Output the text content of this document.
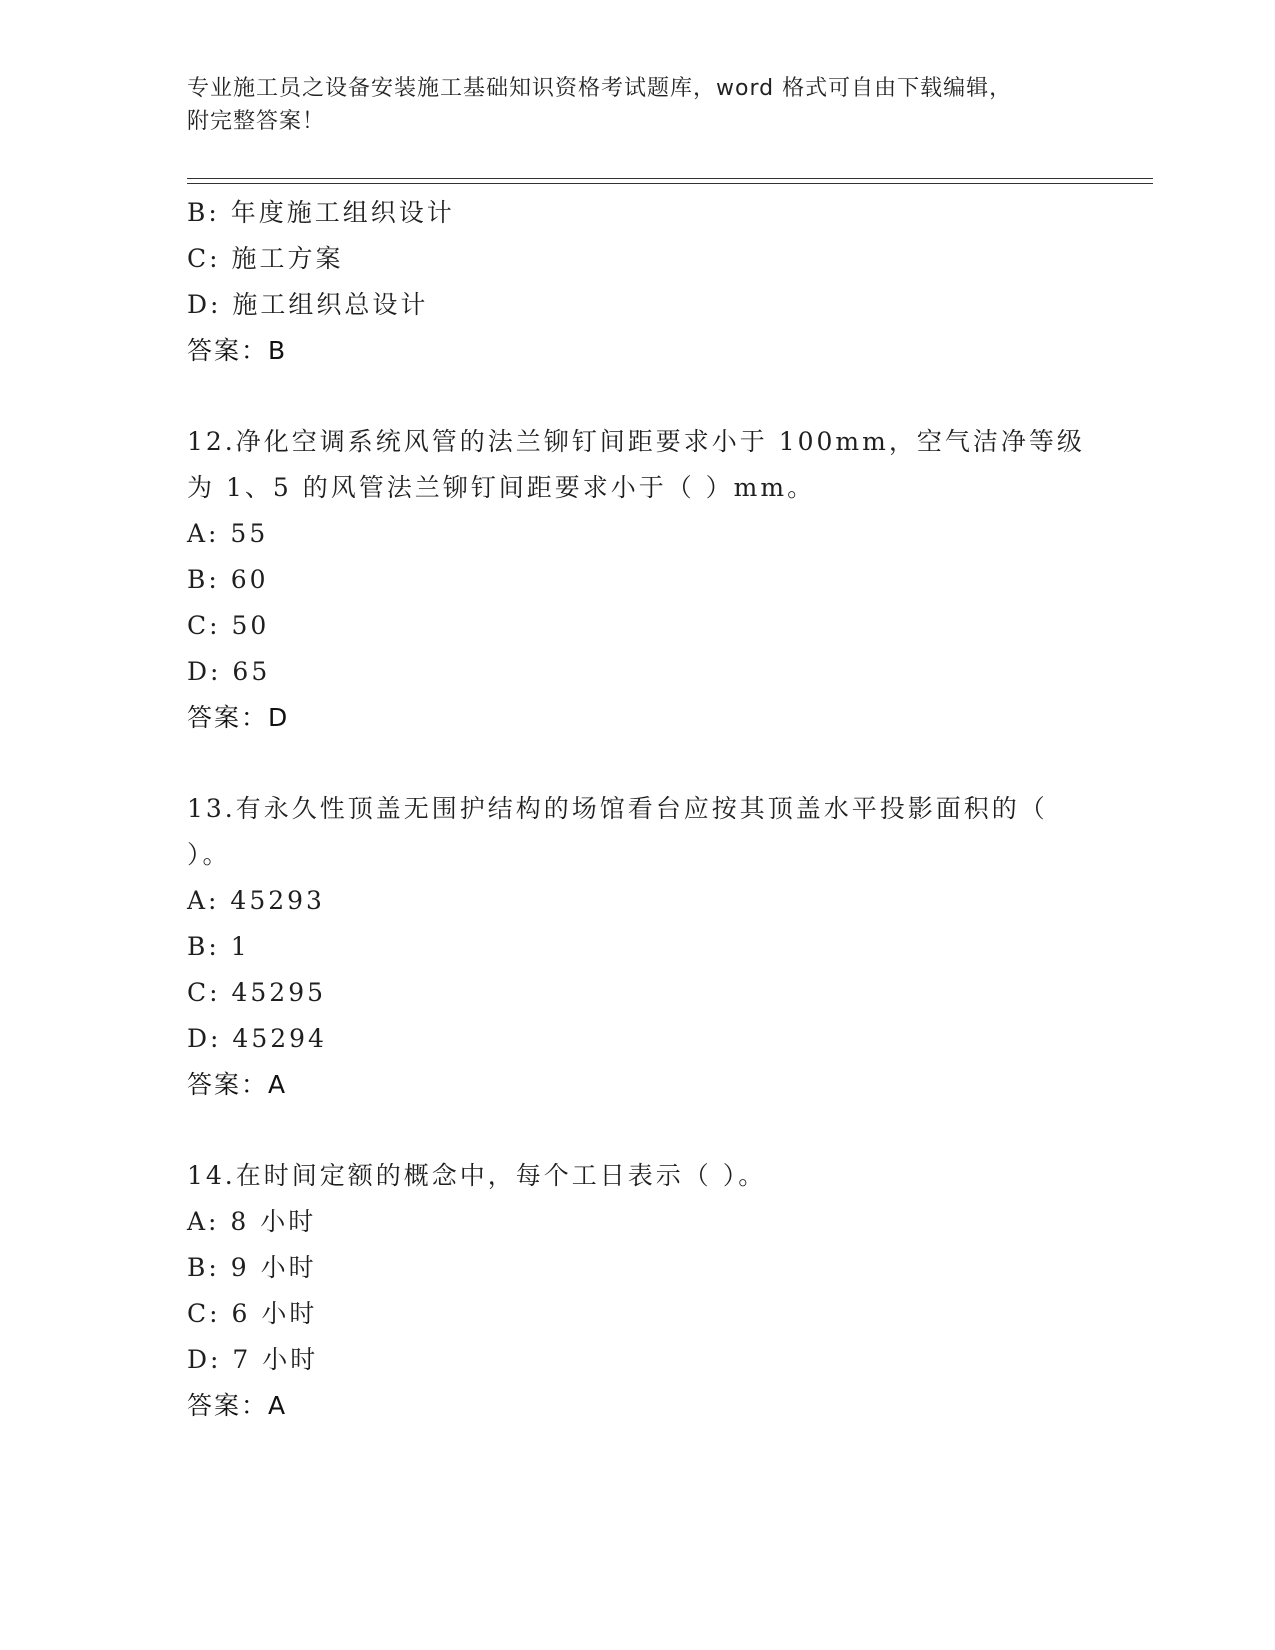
专业施工员之设备安装施工基础知识资格考试题库，word 格式可自由下载编辑，
附完整答案！
B: 年度施工组织设计
C: 施工方案
D: 施工组织总设计
答案：B
12.净化空调系统风管的法兰铆钉间距要求小于 100mm，空气洁净等级
为 1、5 的风管法兰铆钉间距要求小于（ ）mm。
A: 55
B: 60
C: 50
D: 65
答案：D
13.有永久性顶盖无围护结构的场馆看台应按其顶盖水平投影面积的（
）。
A: 45293
B: 1
C: 45295
D: 45294
答案：A
14.在时间定额的概念中，每个工日表示（ ）。
A: 8 小时
B: 9 小时
C: 6 小时
D: 7 小时
答案：A
